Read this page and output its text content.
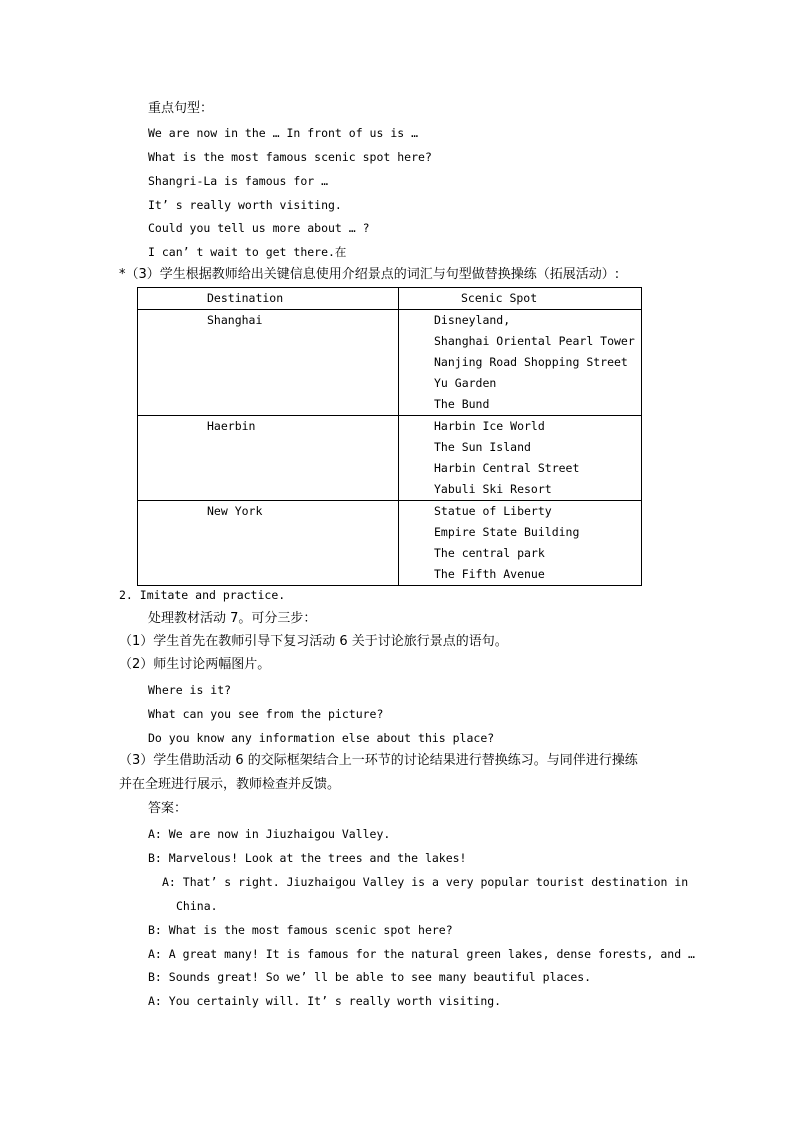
重点句型：
We are now in the … In front of us is …
What is the most famous scenic spot here?
Shangri-La is famous for …
It’ s really worth visiting.
Could you tell us more about … ?
I can’ t wait to get there.在
*（3）学生根据教师给出关键信息使用介绍景点的词汇与句型做替换操练（拓展活动）:
Destination	Scenic Spot

Shanghai	Disneyland,
Shanghai Oriental Pearl Tower
Nanjing Road Shopping Street
Yu Garden
The Bund

Haerbin	Harbin Ice World
The Sun Island
Harbin Central Street
Yabuli Ski Resort

New York	Statue of Liberty
Empire State Building
The central park
The Fifth Avenue
2. Imitate and practice.
处理教材活动 7。可分三步：
（1）学生首先在教师引导下复习活动 6 关于讨论旅行景点的语句。
（2）师生讨论两幅图片。
Where is it?
What can you see from the picture?
Do you know any information else about this place?
（3）学生借助活动 6 的交际框架结合上一环节的讨论结果进行替换练习。与同伴进行操练
并在全班进行展示，教师检查并反馈。
答案：
A: We are now in Jiuzhaigou Valley.
B: Marvelous! Look at the trees and the lakes!
A: That’ s right. Jiuzhaigou Valley is a very popular tourist destination in
China.
B: What is the most famous scenic spot here?
A: A great many! It is famous for the natural green lakes, dense forests, and …
B: Sounds great! So we’ ll be able to see many beautiful places.
A: You certainly will. It’ s really worth visiting.
